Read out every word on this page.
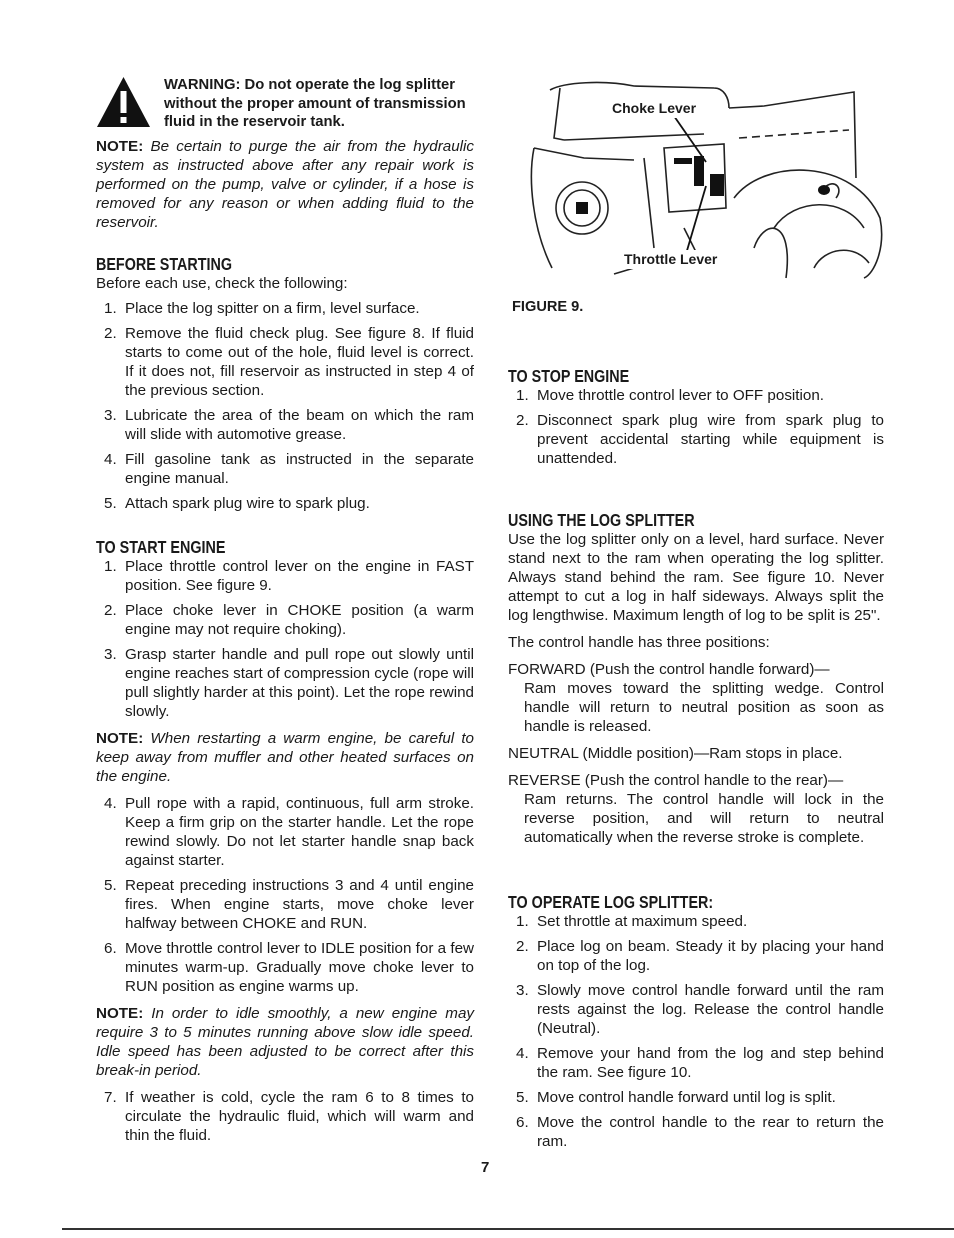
WARNING: Do not operate the log splitter without the proper amount of transmission fluid in the reservoir tank.

NOTE: Be certain to purge the air from the hydraulic system as instructed above after any repair work is performed on the pump, valve or cylinder, if a hose is removed for any reason or when adding fluid to the reservoir.

BEFORE STARTING

Before each use, check the following:

1. Place the log spitter on a firm, level surface.
2. Remove the fluid check plug. See figure 8. If fluid starts to come out of the hole, fluid level is correct. If it does not, fill reservoir as instructed in step 4 of the previous section.
3. Lubricate the area of the beam on which the ram will slide with automotive grease.
4. Fill gasoline tank as instructed in the separate engine manual.
5. Attach spark plug wire to spark plug.
TO START ENGINE
1. Place throttle control lever on the engine in FAST position. See figure 9.
2. Place choke lever in CHOKE position (a warm engine may not require choking).
3. Grasp starter handle and pull rope out slowly until engine reaches start of compression cycle (rope will pull slightly harder at this point). Let the rope rewind slowly.

NOTE: When restarting a warm engine, be careful to keep away from muffler and other heated surfaces on the engine.

4. Pull rope with a rapid, continuous, full arm stroke. Keep a firm grip on the starter handle. Let the rope rewind slowly. Do not let starter handle snap back against starter.
5. Repeat preceding instructions 3 and 4 until engine fires. When engine starts, move choke lever halfway between CHOKE and RUN.
6. Move throttle control lever to IDLE position for a few minutes warm-up. Gradually move choke lever to RUN position as engine warms up.

NOTE: In order to idle smoothly, a new engine may require 3 to 5 minutes running above slow idle speed. Idle speed has been adjusted to be correct after this break-in period.

7. If weather is cold, cycle the ram 6 to 8 times to circulate the hydraulic fluid, which will warm and thin the fluid.
Choke Lever
Throttle Lever
FIGURE 9.
TO STOP ENGINE
1. Move throttle control lever to OFF position.
2. Disconnect spark plug wire from spark plug to prevent accidental starting while equipment is unattended.
USING THE LOG SPLITTER

Use the log splitter only on a level, hard surface. Never stand next to the ram when operating the log splitter. Always stand behind the ram. See figure 10. Never attempt to cut a log in half sideways. Always split the log lengthwise. Maximum length of log to be split is 25".

The control handle has three positions:

FORWARD (Push the control handle forward)—

Ram moves toward the splitting wedge. Control handle will return to neutral position as soon as handle is released.

NEUTRAL (Middle position)—Ram stops in place.

REVERSE (Push the control handle to the rear)—

Ram returns. The control handle will lock in the reverse position, and will return to neutral automatically when the reverse stroke is complete.

TO OPERATE LOG SPLITTER:
1. Set throttle at maximum speed.
2. Place log on beam. Steady it by placing your hand on top of the log.
3. Slowly move control handle forward until the ram rests against the log. Release the control handle (Neutral).
4. Remove your hand from the log and step behind the ram. See figure 10.
5. Move control handle forward until log is split.
6. Move the control handle to the rear to return the ram.
7
